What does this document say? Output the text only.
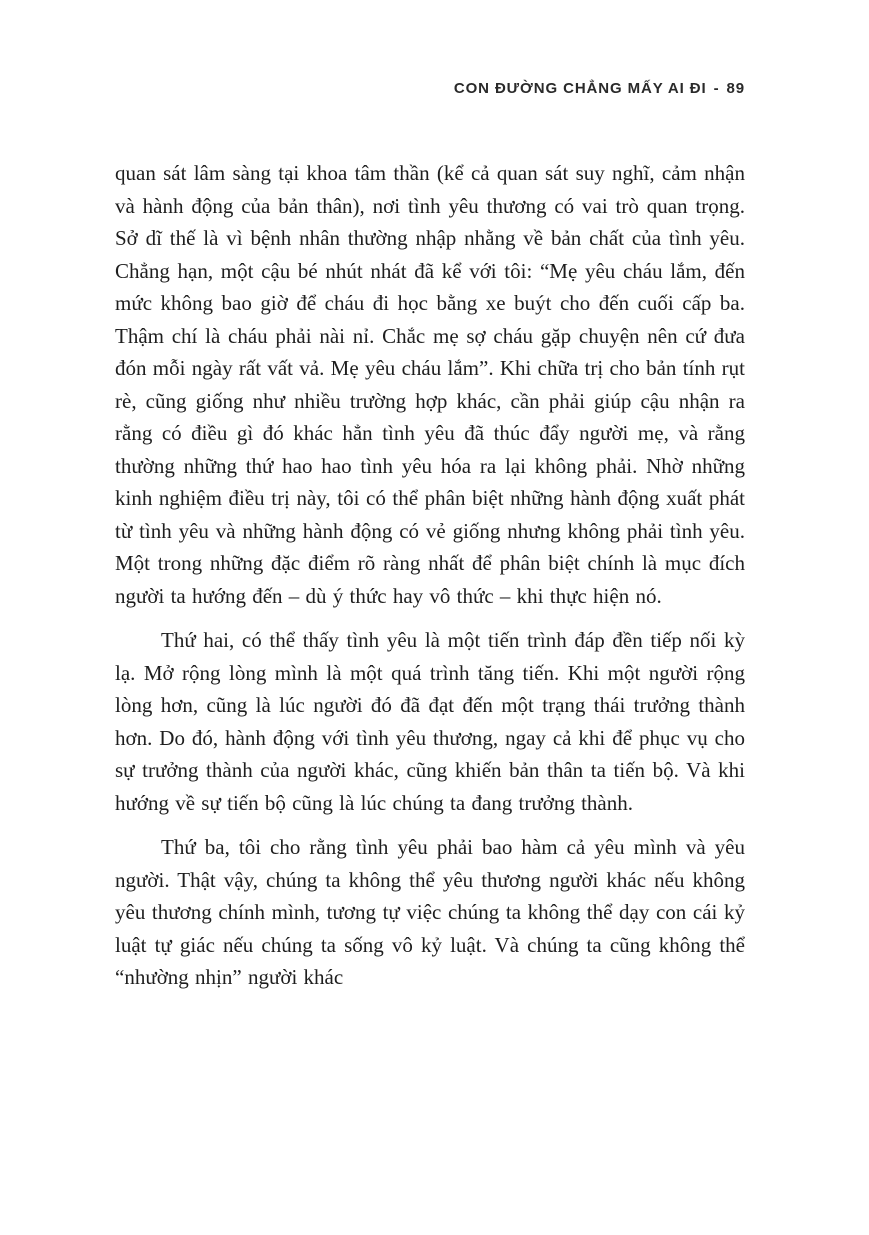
CON ĐƯỜNG CHẲNG MẤY AI ĐI - 89

quan sát lâm sàng tại khoa tâm thần (kể cả quan sát suy nghĩ, cảm nhận và hành động của bản thân), nơi tình yêu thương có vai trò quan trọng. Sở dĩ thế là vì bệnh nhân thường nhập nhằng về bản chất của tình yêu. Chẳng hạn, một cậu bé nhút nhát đã kể với tôi: “Mẹ yêu cháu lắm, đến mức không bao giờ để cháu đi học bằng xe buýt cho đến cuối cấp ba. Thậm chí là cháu phải nài nỉ. Chắc mẹ sợ cháu gặp chuyện nên cứ đưa đón mỗi ngày rất vất vả. Mẹ yêu cháu lắm”. Khi chữa trị cho bản tính rụt rè, cũng giống như nhiều trường hợp khác, cần phải giúp cậu nhận ra rằng có điều gì đó khác hẳn tình yêu đã thúc đẩy người mẹ, và rằng thường những thứ hao hao tình yêu hóa ra lại không phải. Nhờ những kinh nghiệm điều trị này, tôi có thể phân biệt những hành động xuất phát từ tình yêu và những hành động có vẻ giống nhưng không phải tình yêu. Một trong những đặc điểm rõ ràng nhất để phân biệt chính là mục đích người ta hướng đến – dù ý thức hay vô thức – khi thực hiện nó.

Thứ hai, có thể thấy tình yêu là một tiến trình đáp đền tiếp nối kỳ lạ. Mở rộng lòng mình là một quá trình tăng tiến. Khi một người rộng lòng hơn, cũng là lúc người đó đã đạt đến một trạng thái trưởng thành hơn. Do đó, hành động với tình yêu thương, ngay cả khi để phục vụ cho sự trưởng thành của người khác, cũng khiến bản thân ta tiến bộ. Và khi hướng về sự tiến bộ cũng là lúc chúng ta đang trưởng thành.

Thứ ba, tôi cho rằng tình yêu phải bao hàm cả yêu mình và yêu người. Thật vậy, chúng ta không thể yêu thương người khác nếu không yêu thương chính mình, tương tự việc chúng ta không thể dạy con cái kỷ luật tự giác nếu chúng ta sống vô kỷ luật. Và chúng ta cũng không thể “nhường nhịn” người khác
